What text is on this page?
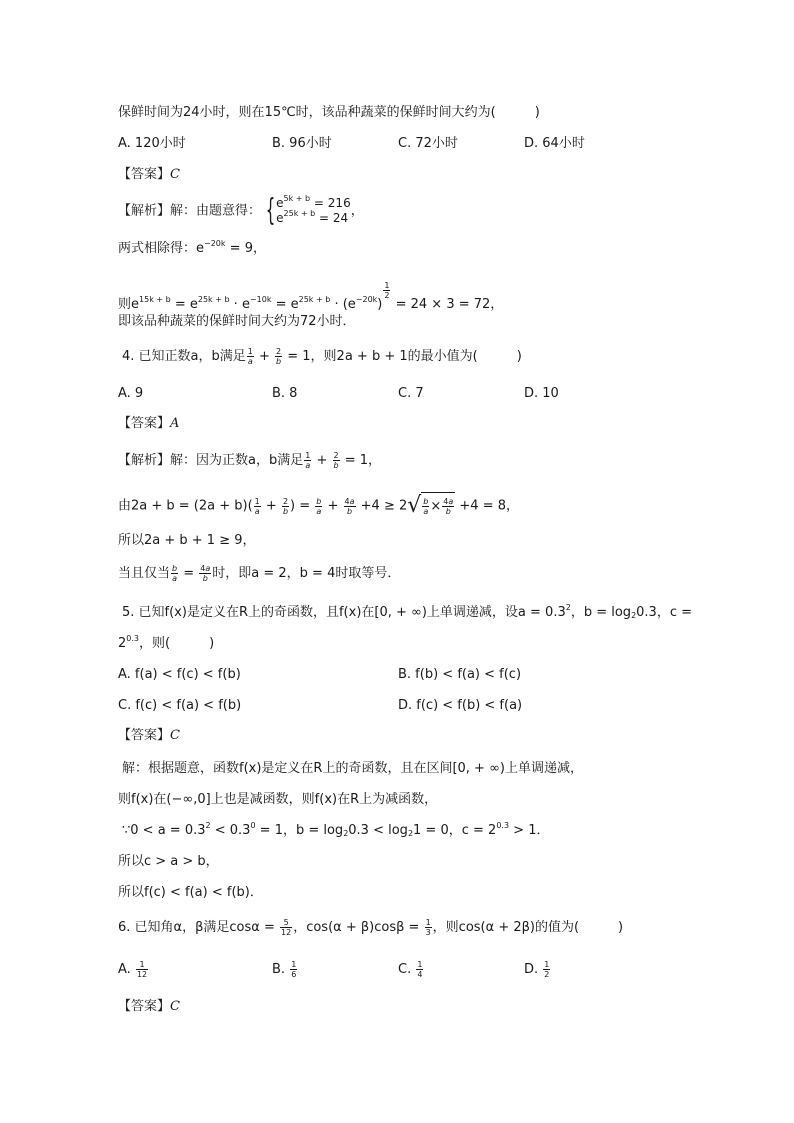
保鲜时间为24小时，则在15℃时，该品种蔬菜的保鲜时间大约为(　　　)
A. 120小时	B. 96小时	C. 72小时	D. 64小时
【答案】C
【解析】解：由题意得： { $e^{5k + b} = 216$
$e^{25k + b} = 24$ ，
两式相除得：$e^{-20k} = 9$，
则$e^{15k + b} = e^{25k + b} \cdot e^{-10k} = e^{25k + b} \cdot (e^{-20k})$
$^{\frac{1}{2}}$
= 24 × 3 = 72，
即该品种蔬菜的保鲜时间大约为72小时．
4. 已知正数a，b满足 $\frac{1}{a} + \frac{2}{b} = 1$，则2a + b + 1的最小值为(　　　)
A. 9	B. 8	C. 7	D. 10
【答案】A
【解析】解：因为正数a，b满足 $\frac{1}{a} + \frac{2}{b} = 1$，
由$2a + b = (2a + b)( \frac{1}{a} + \frac{2}{b}$ ) = $\frac{b}{a} + \frac{4a}{b} +4 \ge 2√ \frac{b}{a} \times \frac{4a}{b} +4 = 8$，
所以2a + b + 1 ≥ 9，
当且仅当 $\frac{b}{a} = \frac{4a}{b}$ 时，即a = 2，b = 4时取等号．
5. 已知f(x)是定义在R上的奇函数，且f(x)在[0, + ∞)上单调递减，设$a = 0.3^2$，$b = \log_20.3$，c =
$2^{0.3}$，则(　　　)
A. f(a) < f(c) < f(b)	B. f(b) < f(a) < f(c)
C. f(c) < f(a) < f(b)	D. f(c) < f(b) < f(a)
【答案】C
解：根据题意，函数f(x)是定义在R上的奇函数，且在区间[0, + ∞)上单调递减，
则f(x)在(−∞,0]上也是减函数，则f(x)在R上为减函数，
∵0 < $a = 0.3^2 < 0.3^0 = 1$，$b = \log_20.3 < \log_21 = 0$，$c = 2^{0.3} > 1$．
所以c > a > b，
所以f(c) < f(a) < f(b)．
6. 已知角α，β满足$\cos\alpha = \frac{5}{12}$ ，$\cos(\alpha + \beta)\cos\beta = \frac{1}{3}$ ，则cos(α + 2β)的值为(　　　)
A. $\frac{1}{12}$	B. $\frac{1}{6}$	C. $\frac{1}{4}$	D. $\frac{1}{2}$
【答案】C
